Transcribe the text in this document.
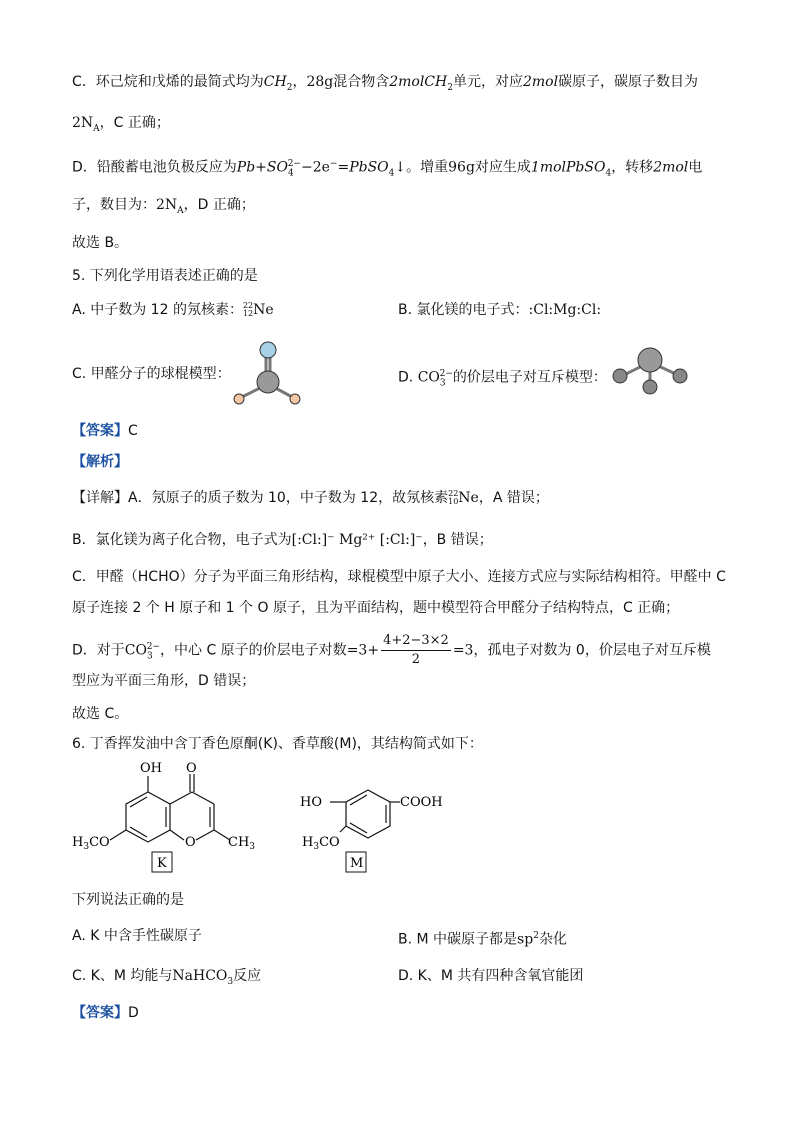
C．环己烷和戊烯的最简式均为$CH_2$，28g混合物含2molCH$_2$单元，对应2mol碳原子，碳原子数目为
$2N_A$，C 正确；
D．铅酸蓄电池负极反应为$Pb+SO_4^{2-}-2e^-=PbSO_4↓$。增重96g对应生成1molPbSO$_4$，转移2mol电
子，数目为：$2N_A$，D 正确；
故选 B。
5. 下列化学用语表述正确的是
A. 中子数为 12 的氖核素： 22
12 Ne	B. 氯化镁的电子式：:Cl:Mg:Cl:
C. 甲醛分子的球棍模型：	D. $CO_3^{2-}$的价层电子对互斥模型：
【答案】C
【解析】
【详解】A．氖原子的质子数为 10，中子数为 12，故氖核素 22
10 Ne，A 错误；
B．氯化镁为离子化合物，电子式为[:Cl:]⁻ Mg²⁺ [:Cl:]⁻，B 错误；
C．甲醛（HCHO）分子为平面三角形结构，球棍模型中原子大小、连接方式应与实际结构相符。甲醛中 C
原子连接 2 个 H 原子和 1 个 O 原子，且为平面结构，题中模型符合甲醛分子结构特点，C 正确；
D．对于$CO_3^{2-}$，中心 C 原子的价层电子对数$=3+ \frac{4+2-3\times 2}{2} =3$，孤电子对数为 0，价层电子对互斥模
型应为平面三角形，D 错误；
故选 C。
6. 丁香挥发油中含丁香色原酮(K)、香草酸(M)，其结构简式如下：
OH O
O
$H_3CO$	$CH_3$
K
HO	COOH
$H_3CO$
M
下列说法正确的是
A. K 中含手性碳原子	B. M 中碳原子都是$sp^2$杂化
C. K、M 均能与NaHCO$_3$反应	D. K、M 共有四种含氧官能团
【答案】D
